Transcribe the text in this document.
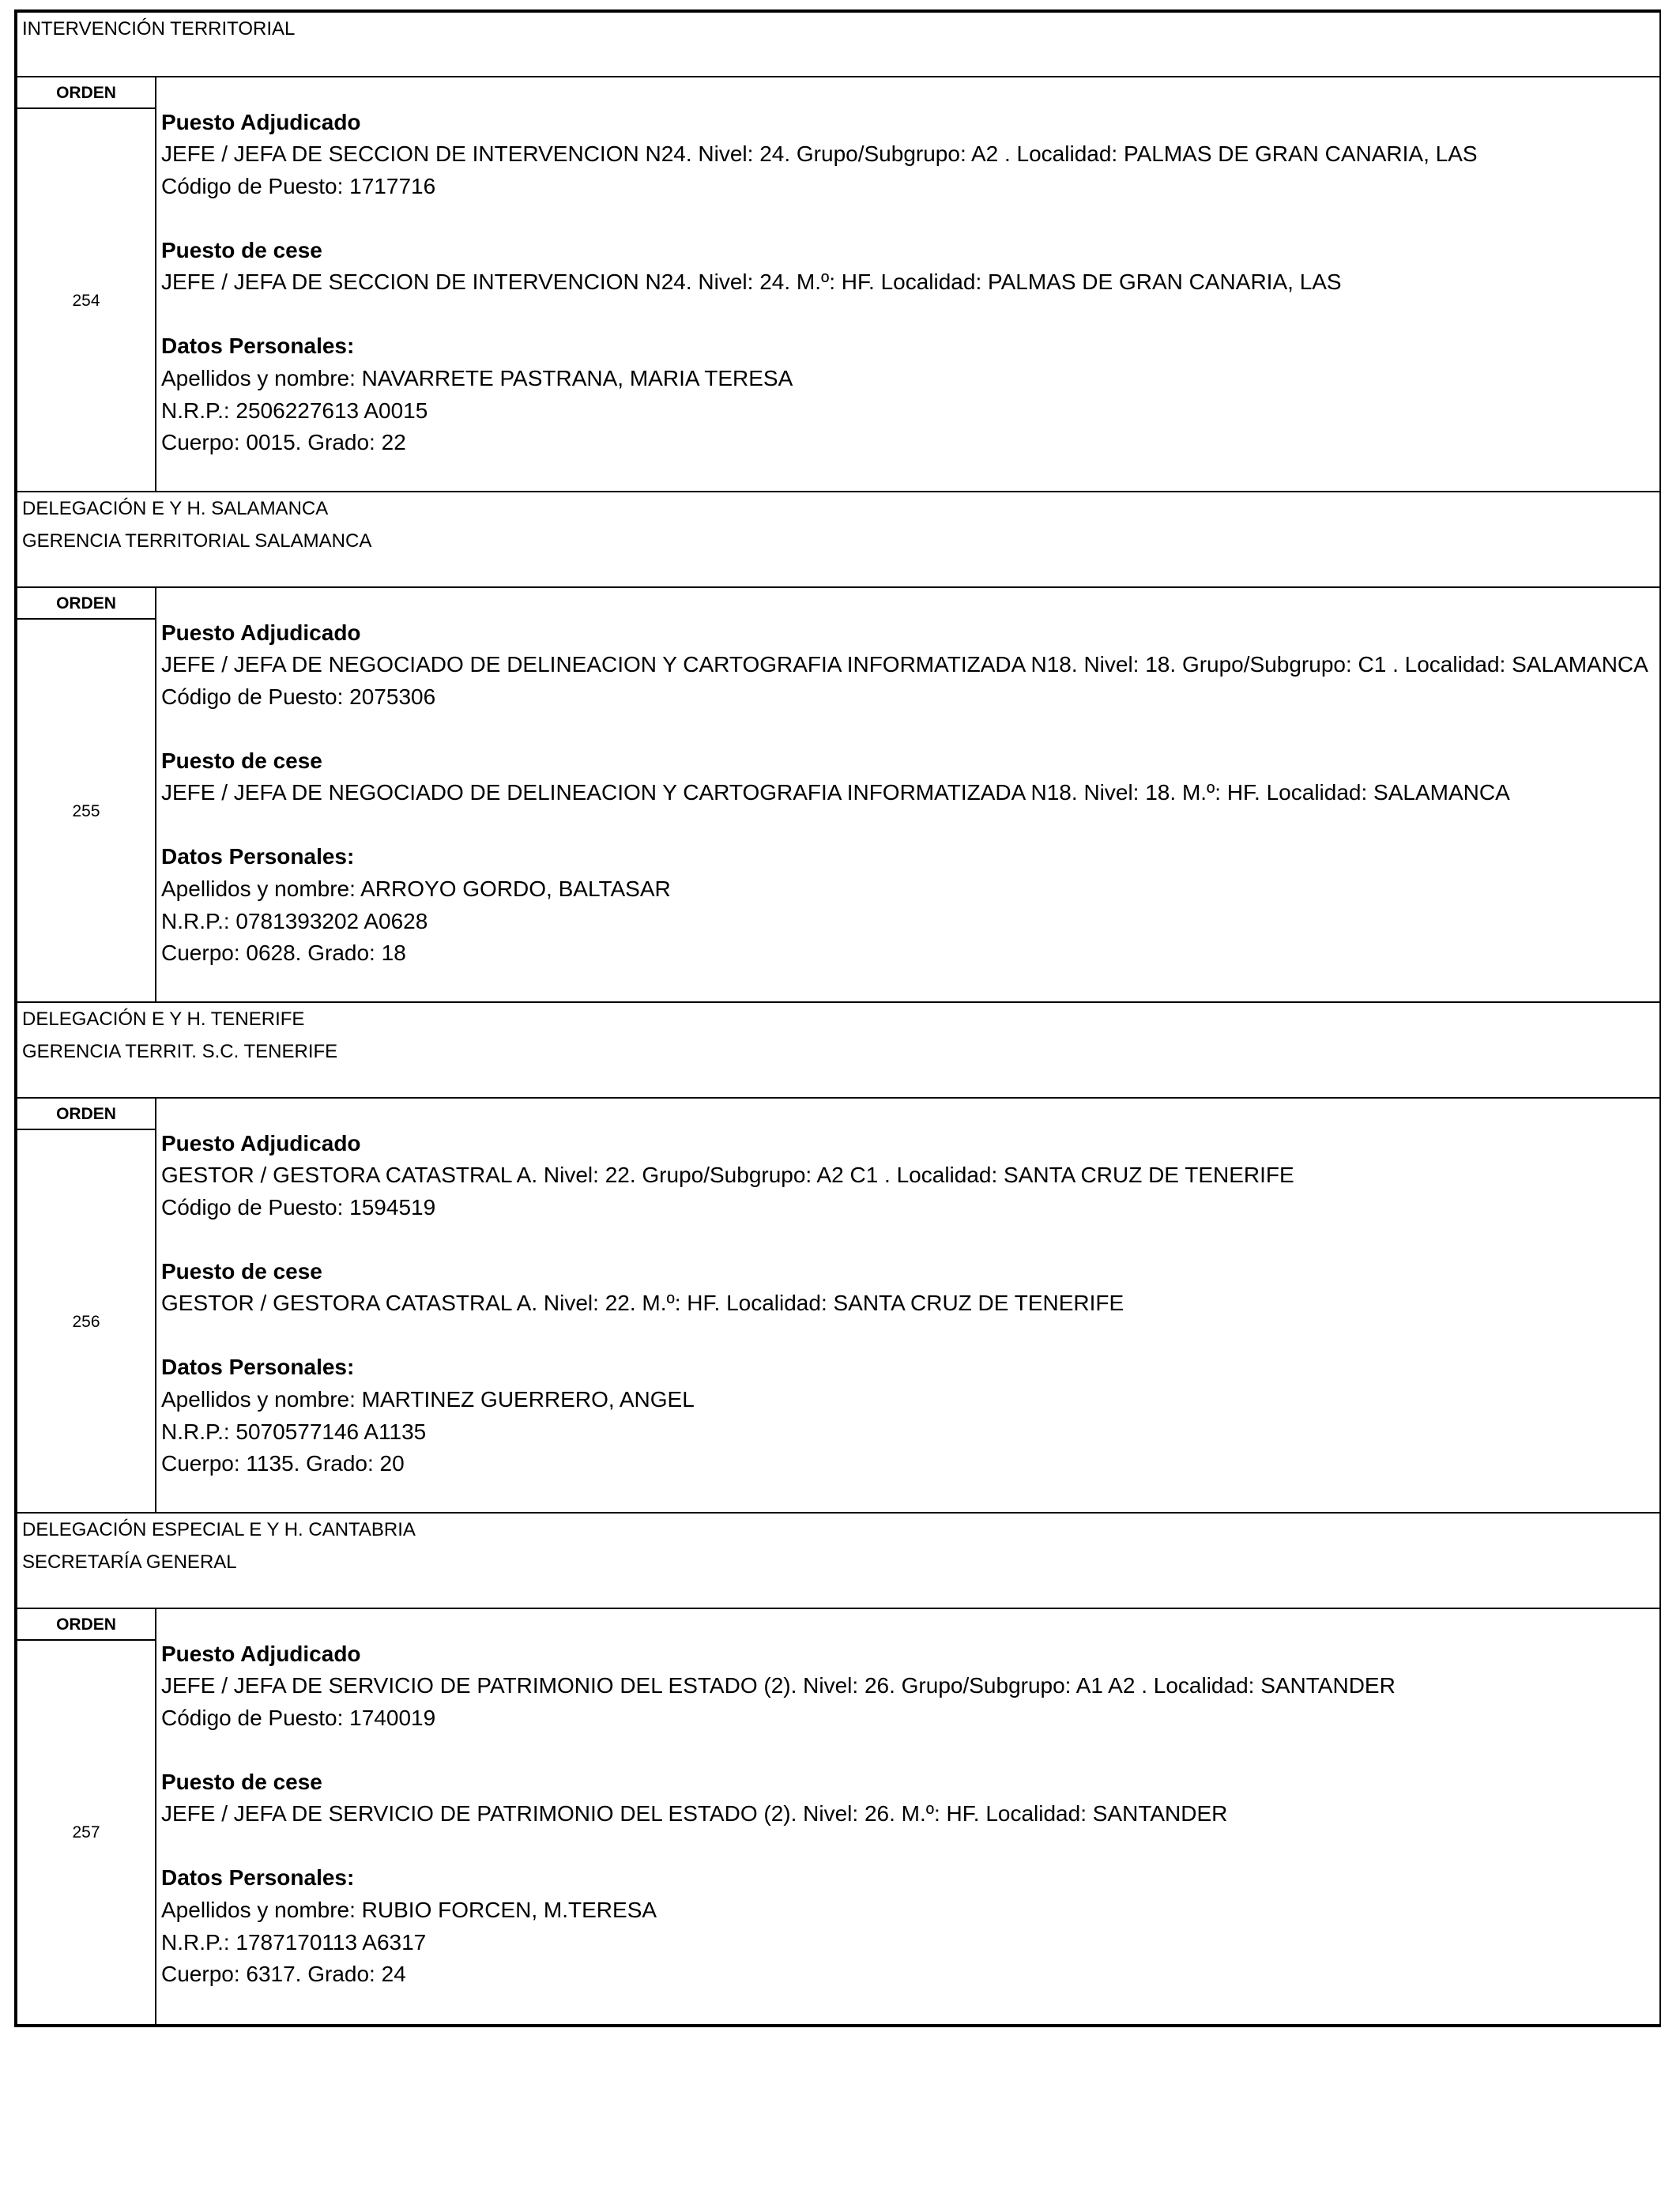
INTERVENCIÓN TERRITORIAL
ORDEN
254
Puesto Adjudicado
JEFE / JEFA DE SECCION DE INTERVENCION N24. Nivel: 24. Grupo/Subgrupo: A2 . Localidad: PALMAS DE GRAN CANARIA, LAS
Código de Puesto: 1717716
Puesto de cese
JEFE / JEFA DE SECCION DE INTERVENCION N24. Nivel: 24. M.º: HF. Localidad: PALMAS DE GRAN CANARIA, LAS
Datos Personales:
Apellidos y nombre: NAVARRETE PASTRANA, MARIA TERESA
N.R.P.: 2506227613 A0015
Cuerpo: 0015. Grado: 22
DELEGACIÓN E Y H. SALAMANCA
GERENCIA TERRITORIAL SALAMANCA
ORDEN
255
Puesto Adjudicado
JEFE / JEFA DE NEGOCIADO DE DELINEACION Y CARTOGRAFIA INFORMATIZADA N18. Nivel: 18. Grupo/Subgrupo: C1 . Localidad: SALAMANCA
Código de Puesto: 2075306
Puesto de cese
JEFE / JEFA DE NEGOCIADO DE DELINEACION Y CARTOGRAFIA INFORMATIZADA N18. Nivel: 18. M.º: HF. Localidad: SALAMANCA
Datos Personales:
Apellidos y nombre: ARROYO GORDO, BALTASAR
N.R.P.: 0781393202 A0628
Cuerpo: 0628. Grado: 18
DELEGACIÓN E Y H. TENERIFE
GERENCIA TERRIT. S.C. TENERIFE
ORDEN
256
Puesto Adjudicado
GESTOR / GESTORA CATASTRAL A. Nivel: 22. Grupo/Subgrupo: A2 C1 . Localidad: SANTA CRUZ DE TENERIFE
Código de Puesto: 1594519
Puesto de cese
GESTOR / GESTORA CATASTRAL A. Nivel: 22. M.º: HF. Localidad: SANTA CRUZ DE TENERIFE
Datos Personales:
Apellidos y nombre: MARTINEZ GUERRERO, ANGEL
N.R.P.: 5070577146 A1135
Cuerpo: 1135. Grado: 20
DELEGACIÓN ESPECIAL E Y H. CANTABRIA
SECRETARÍA GENERAL
ORDEN
257
Puesto Adjudicado
JEFE / JEFA DE SERVICIO DE PATRIMONIO DEL ESTADO (2). Nivel: 26. Grupo/Subgrupo: A1 A2 . Localidad: SANTANDER
Código de Puesto: 1740019
Puesto de cese
JEFE / JEFA DE SERVICIO DE PATRIMONIO DEL ESTADO (2). Nivel: 26. M.º: HF. Localidad: SANTANDER
Datos Personales:
Apellidos y nombre: RUBIO FORCEN, M.TERESA
N.R.P.: 1787170113 A6317
Cuerpo: 6317. Grado: 24
